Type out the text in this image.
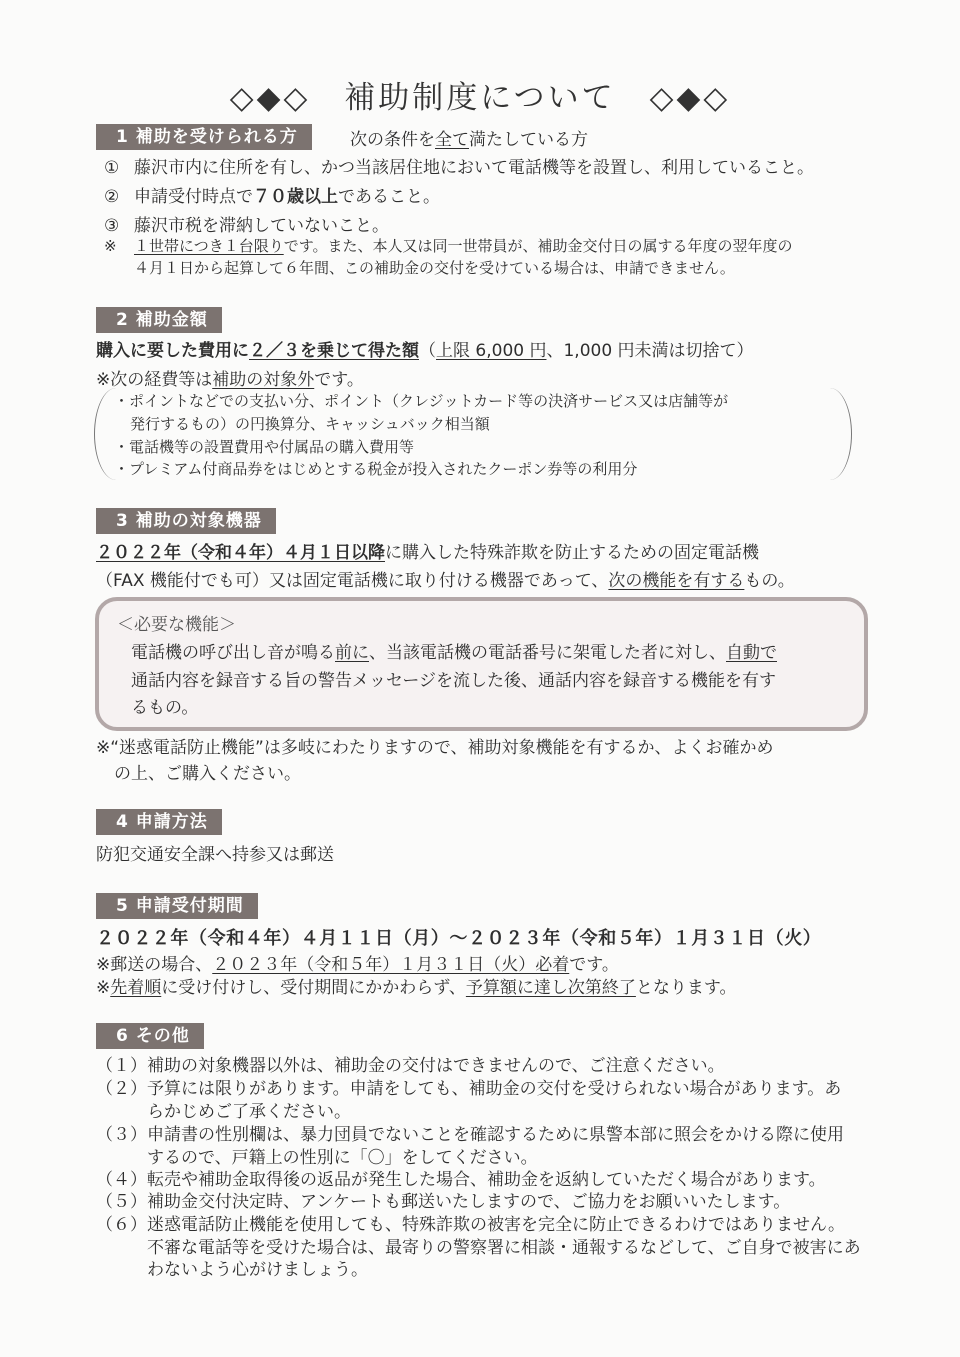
◇◆◇　補助制度について　◇◆◇
1 補助を受けられる方	次の条件を全て満たしている方
① 藤沢市内に住所を有し、かつ当該居住地において電話機等を設置し、利用していること。
② 申請受付時点で７０歳以上であること。
③ 藤沢市税を滞納していないこと。
※ １世帯につき１台限りです。また、本人又は同一世帯員が、補助金交付日の属する年度の翌年度の
４月１日から起算して６年間、この補助金の交付を受けている場合は、申請できません。
2 補助金額
購入に要した費用に２／３を乗じて得た額（上限 6,000 円、1,000 円未満は切捨て）
※次の経費等は補助の対象外です。
・ポイントなどでの支払い分、ポイント（クレジットカード等の決済サービス又は店舗等が
発行するもの）の円換算分、キャッシュバック相当額
・電話機等の設置費用や付属品の購入費用等
・プレミアム付商品券をはじめとする税金が投入されたクーポン券等の利用分
3 補助の対象機器
２０２２年（令和４年）４月１日以降に購入した特殊詐欺を防止するための固定電話機
（FAX 機能付でも可）又は固定電話機に取り付ける機器であって、次の機能を有するもの。
＜必要な機能＞
電話機の呼び出し音が鳴る前に、当該電話機の電話番号に架電した者に対し、自動で
通話内容を録音する旨の警告メッセージを流した後、通話内容を録音する機能を有す
るもの。
※“迷惑電話防止機能”は多岐にわたりますので、補助対象機能を有するか、よくお確かめ
の上、ご購入ください。
4 申請方法
防犯交通安全課へ持参又は郵送
5 申請受付期間
２０２２年（令和４年）４月１１日（月）～２０２３年（令和５年）１月３１日（火）
※郵送の場合、２０２３年（令和５年）１月３１日（火）必着です。
※先着順に受け付けし、受付期間にかかわらず、予算額に達し次第終了となります。
6 その他
（１）補助の対象機器以外は、補助金の交付はできませんので、ご注意ください。
（２）予算には限りがあります。申請をしても、補助金の交付を受けられない場合があります。あ
　　　らかじめご了承ください。
（３）申請書の性別欄は、暴力団員でないことを確認するために県警本部に照会をかける際に使用
　　　するので、戸籍上の性別に「〇」をしてください。
（４）転売や補助金取得後の返品が発生した場合、補助金を返納していただく場合があります。
（５）補助金交付決定時、アンケートも郵送いたしますので、ご協力をお願いいたします。
（６）迷惑電話防止機能を使用しても、特殊詐欺の被害を完全に防止できるわけではありません。
　　　不審な電話等を受けた場合は、最寄りの警察署に相談・通報するなどして、ご自身で被害にあ
　　　わないよう心がけましょう。
